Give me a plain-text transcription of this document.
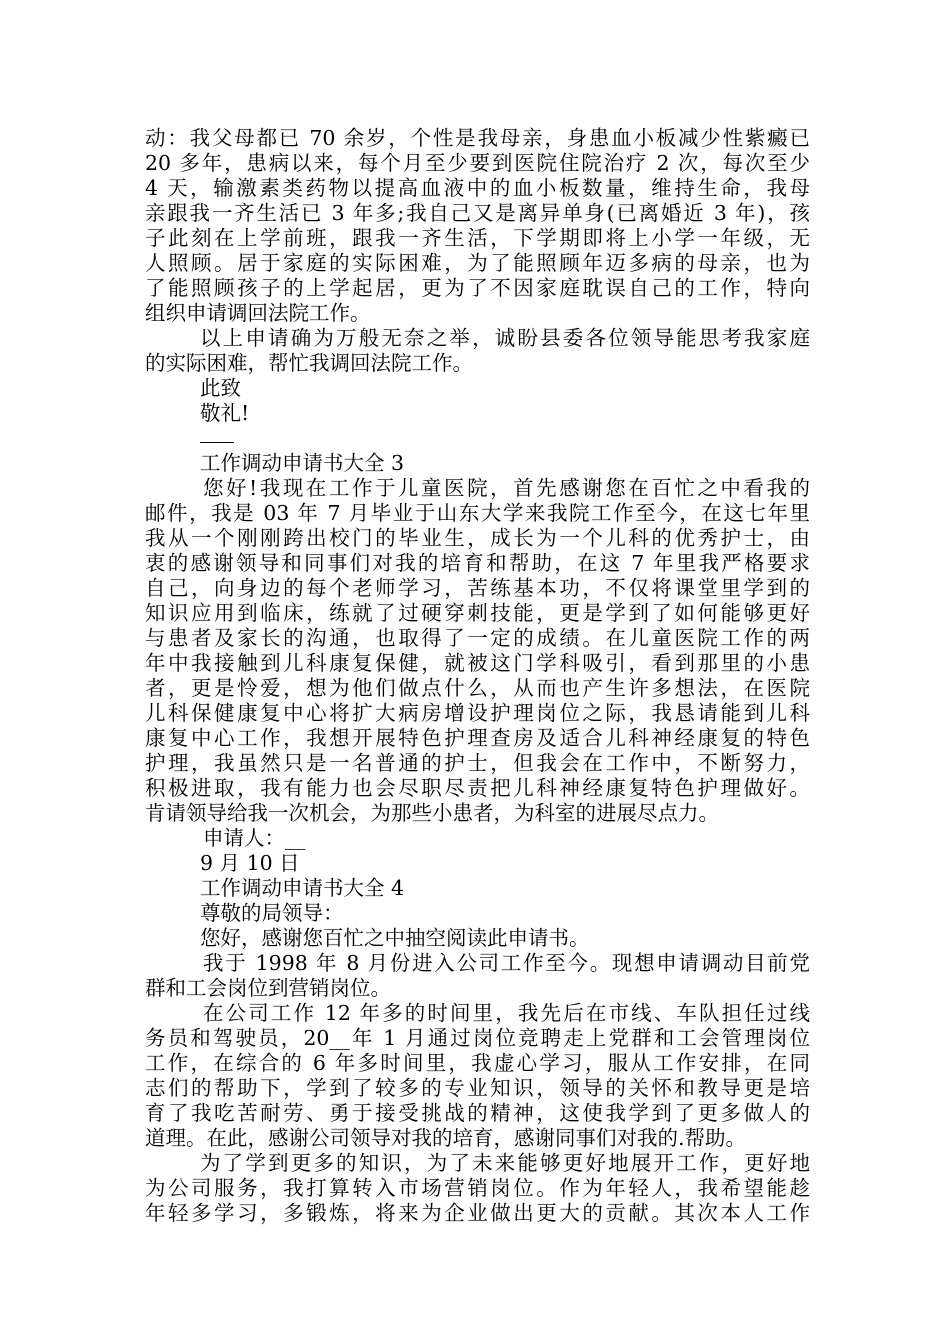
动：我父母都已 70 余岁，个性是我母亲，身患血小板减少性紫癜已
20 多年，患病以来，每个月至少要到医院住院治疗 2 次，每次至少
4 天，输激素类药物以提高血液中的血小板数量，维持生命，我母
亲跟我一齐生活已 3 年多;我自己又是离异单身(已离婚近 3 年)，孩
子此刻在上学前班，跟我一齐生活，下学期即将上小学一年级，无
人照顾。居于家庭的实际困难，为了能照顾年迈多病的母亲，也为
了能照顾孩子的上学起居，更为了不因家庭耽误自己的工作，特向
组织申请调回法院工作。
以上申请确为万般无奈之举，诚盼县委各位领导能思考我家庭
的实际困难，帮忙我调回法院工作。
此致
敬礼!
工作调动申请书大全 3
您好!我现在工作于儿童医院，首先感谢您在百忙之中看我的
邮件，我是 03 年 7 月毕业于山东大学来我院工作至今，在这七年里
我从一个刚刚跨出校门的毕业生，成长为一个儿科的优秀护士，由
衷的感谢领导和同事们对我的培育和帮助，在这 7 年里我严格要求
自己，向身边的每个老师学习，苦练基本功，不仅将课堂里学到的
知识应用到临床，练就了过硬穿刺技能，更是学到了如何能够更好
与患者及家长的沟通，也取得了一定的成绩。在儿童医院工作的两
年中我接触到儿科康复保健，就被这门学科吸引，看到那里的小患
者，更是怜爱，想为他们做点什么，从而也产生许多想法，在医院
儿科保健康复中心将扩大病房增设护理岗位之际，我恳请能到儿科
康复中心工作，我想开展特色护理查房及适合儿科神经康复的特色
护理，我虽然只是一名普通的护士，但我会在工作中，不断努力，
积极进取，我有能力也会尽职尽责把儿科神经康复特色护理做好。
肯请领导给我一次机会，为那些小患者，为科室的进展尽点力。
申请人：__
9 月 10 日
工作调动申请书大全 4
尊敬的局领导：
您好，感谢您百忙之中抽空阅读此申请书。
我于 1998 年 8 月份进入公司工作至今。现想申请调动目前党
群和工会岗位到营销岗位。
在公司工作 12 年多的时间里，我先后在市线、车队担任过线
务员和驾驶员，20__年 1 月通过岗位竞聘走上党群和工会管理岗位
工作，在综合的 6 年多时间里，我虚心学习，服从工作安排，在同
志们的帮助下，学到了较多的专业知识，领导的关怀和教导更是培
育了我吃苦耐劳、勇于接受挑战的精神，这使我学到了更多做人的
道理。在此，感谢公司领导对我的培育，感谢同事们对我的.帮助。
为了学到更多的知识，为了未来能够更好地展开工作，更好地
为公司服务，我打算转入市场营销岗位。作为年轻人，我希望能趁
年轻多学习，多锻炼，将来为企业做出更大的贡献。其次本人工作
